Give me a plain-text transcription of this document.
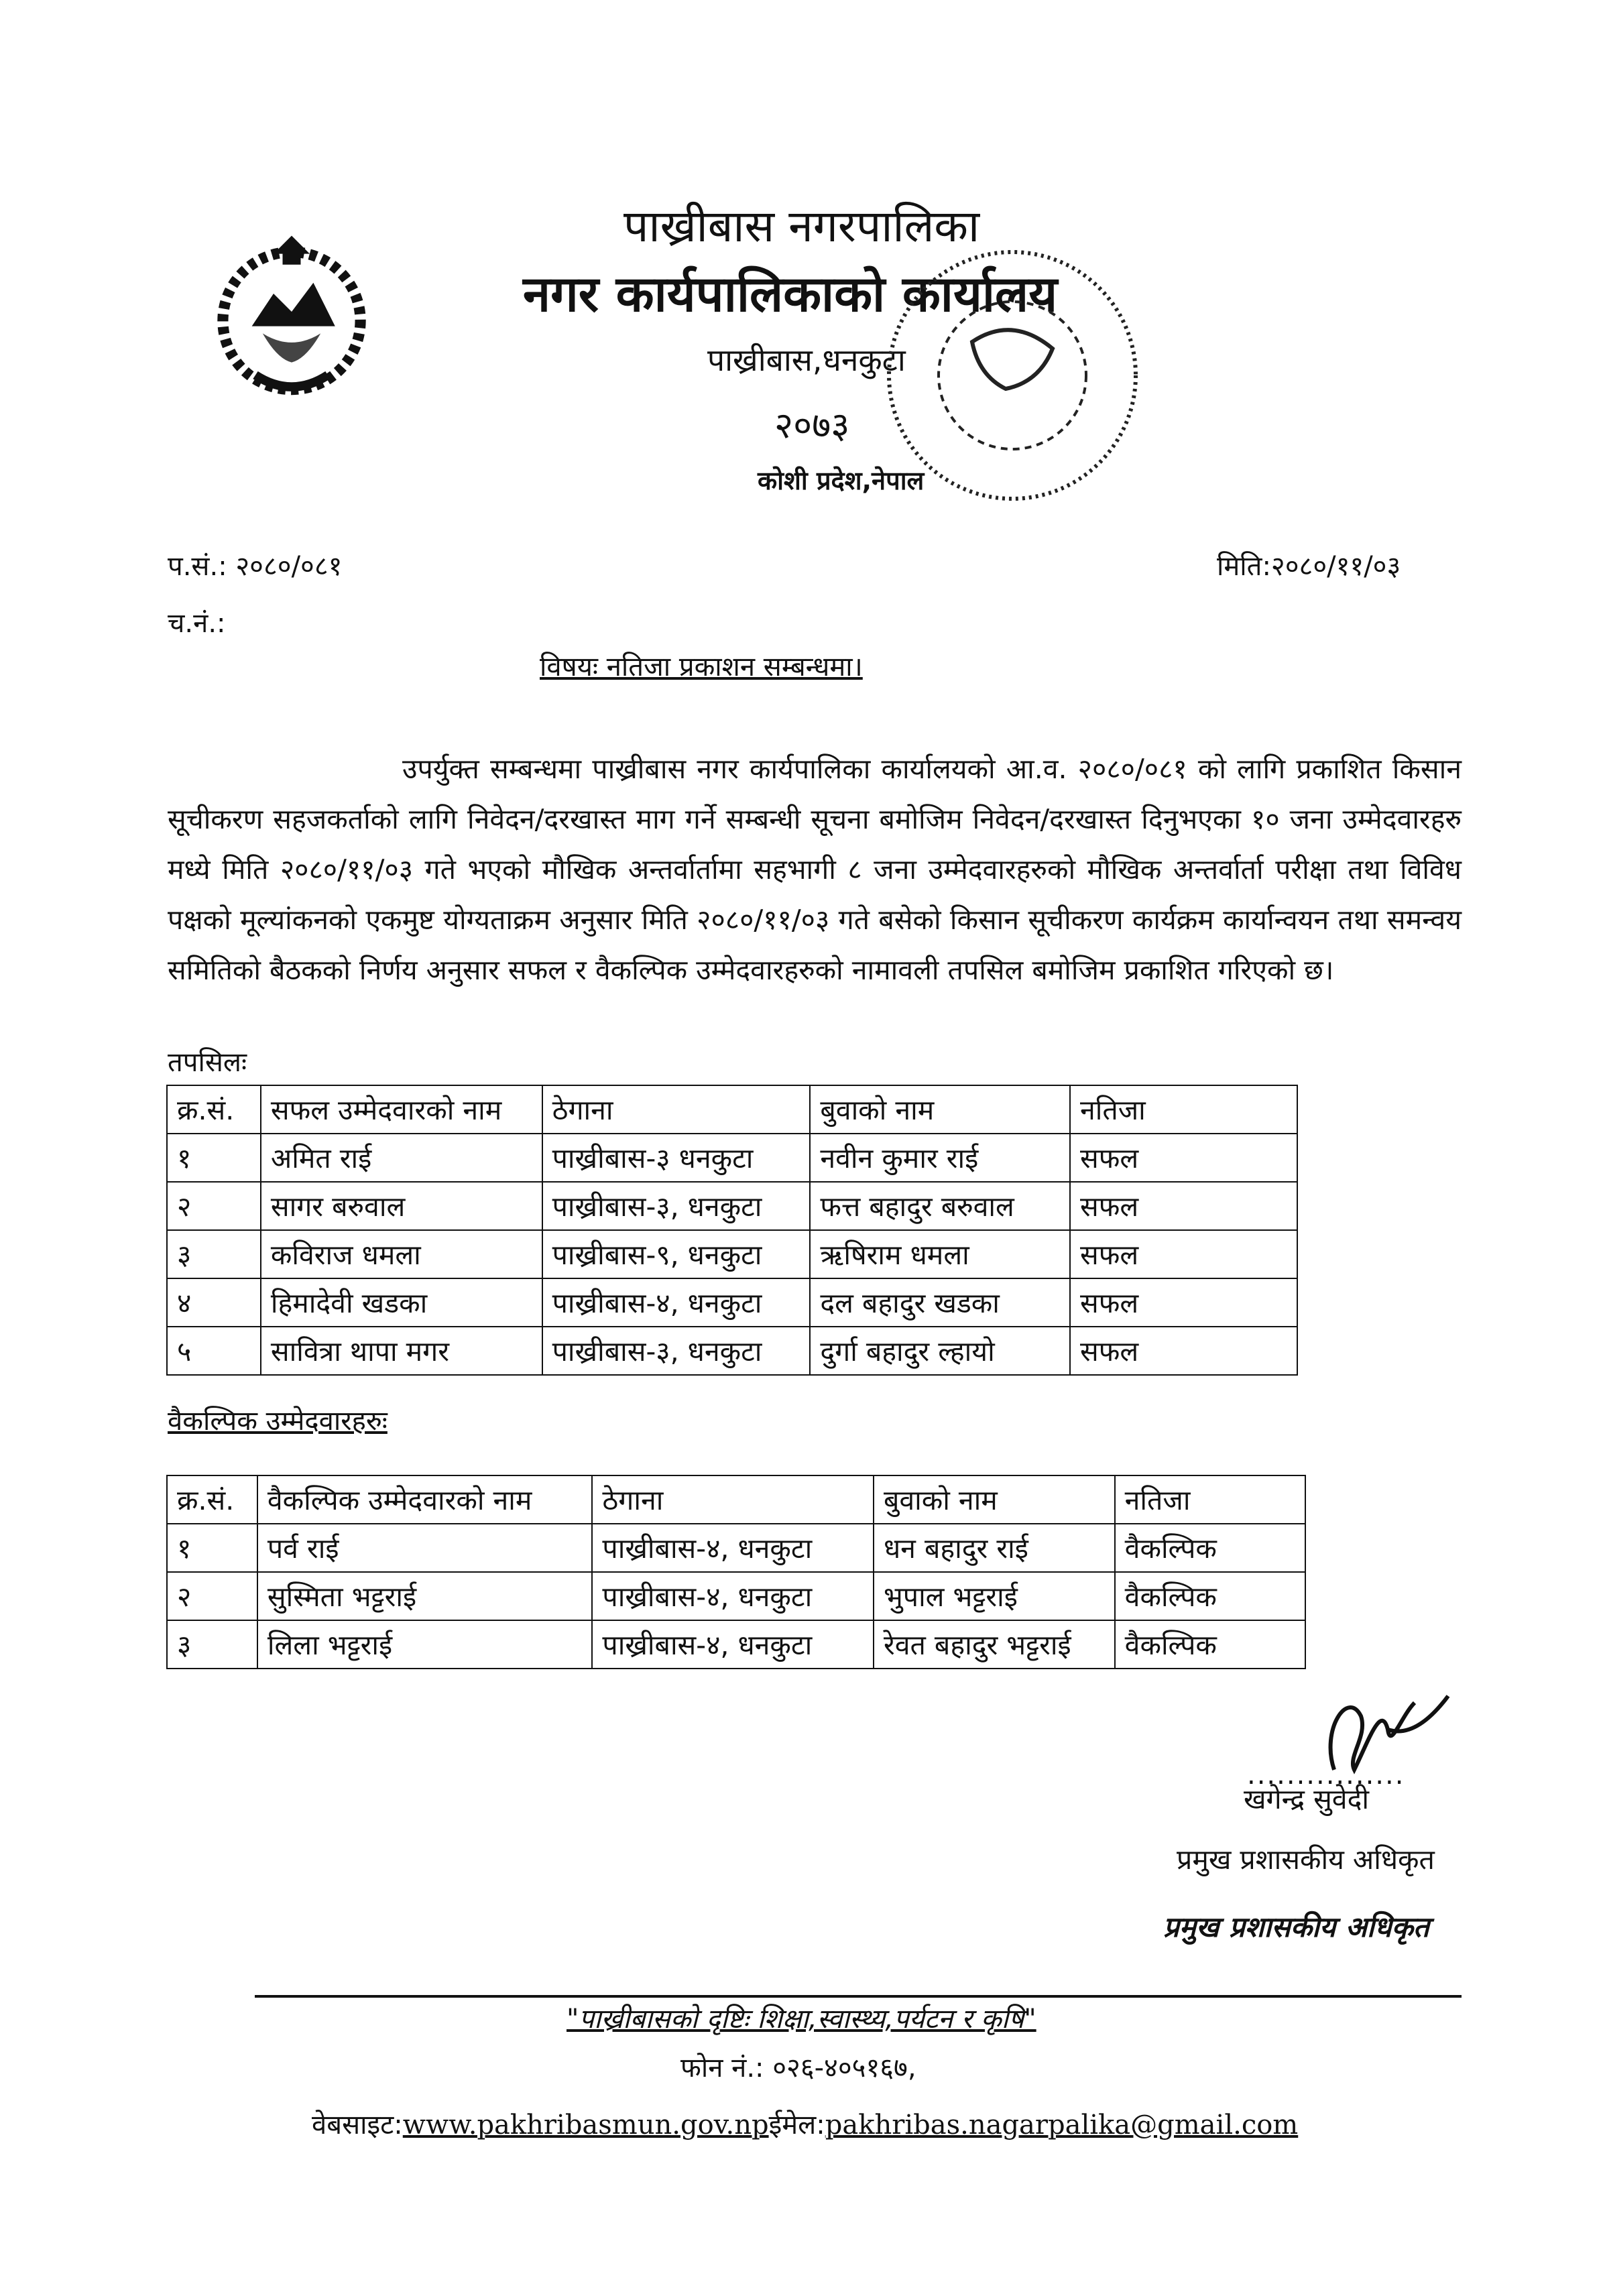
पाख्रीबास नगरपालिका
नगर कार्यपालिकाको कार्यालय
पाख्रीबास,धनकुटा
२०७३
कोशी प्रदेश,नेपाल
प.सं.: २०८०/०८१	मिति:२०८०/११/०३
च.नं.:
विषयः नतिजा प्रकाशन सम्बन्धमा।
उपर्युक्त सम्बन्धमा पाख्रीबास नगर कार्यपालिका कार्यालयको आ.व. २०८०/०८१ को लागि प्रकाशित किसान सूचीकरण सहजकर्ताको लागि निवेदन/दरखास्त माग गर्ने सम्बन्धी सूचना बमोजिम निवेदन/दरखास्त दिनुभएका १० जना उम्मेदवारहरु मध्ये मिति २०८०/११/०३ गते भएको मौखिक अन्तर्वार्तामा सहभागी ८ जना उम्मेदवारहरुको मौखिक अन्तर्वार्ता परीक्षा तथा विविध पक्षको मूल्यांकनको एकमुष्ट योग्यताक्रम अनुसार मिति २०८०/११/०३ गते बसेको किसान सूचीकरण कार्यक्रम कार्यान्वयन तथा समन्वय समितिको बैठकको निर्णय अनुसार सफल र वैकल्पिक उम्मेदवारहरुको नामावली तपसिल बमोजिम प्रकाशित गरिएको छ।
तपसिलः
क्र.सं.	सफल उम्मेदवारको नाम	ठेगाना	बुवाको नाम	नतिजा
१	अमित राई	पाख्रीबास-३ धनकुटा	नवीन कुमार राई	सफल
२	सागर बरुवाल	पाख्रीबास-३, धनकुटा	फत्त बहादुर बरुवाल	सफल
३	कविराज धमला	पाख्रीबास-९, धनकुटा	ऋषिराम धमला	सफल
४	हिमादेवी खडका	पाख्रीबास-४, धनकुटा	दल बहादुर खडका	सफल
५	सावित्रा थापा मगर	पाख्रीबास-३, धनकुटा	दुर्गा बहादुर ल्हायो	सफल
वैकल्पिक उम्मेदवारहरुः
क्र.सं.	वैकल्पिक उम्मेदवारको नाम	ठेगाना	बुवाको नाम	नतिजा
१	पर्व राई	पाख्रीबास-४, धनकुटा	धन बहादुर राई	वैकल्पिक
२	सुस्मिता भट्टराई	पाख्रीबास-४, धनकुटा	भुपाल भट्टराई	वैकल्पिक
३	लिला भट्टराई	पाख्रीबास-४, धनकुटा	रेवत बहादुर भट्टराई	वैकल्पिक
................
खगेन्द्र सुवेदी
प्रमुख प्रशासकीय अधिकृत
प्रमुख प्रशासकीय अधिकृत
"पाख्रीबासको दृष्टिः शिक्षा,स्वास्थ्य,पर्यटन र कृषि"
फोन नं.: ०२६-४०५१६७,
वेबसाइट:www.pakhribasmun.gov.npईमेल:pakhribas.nagarpalika@gmail.com
